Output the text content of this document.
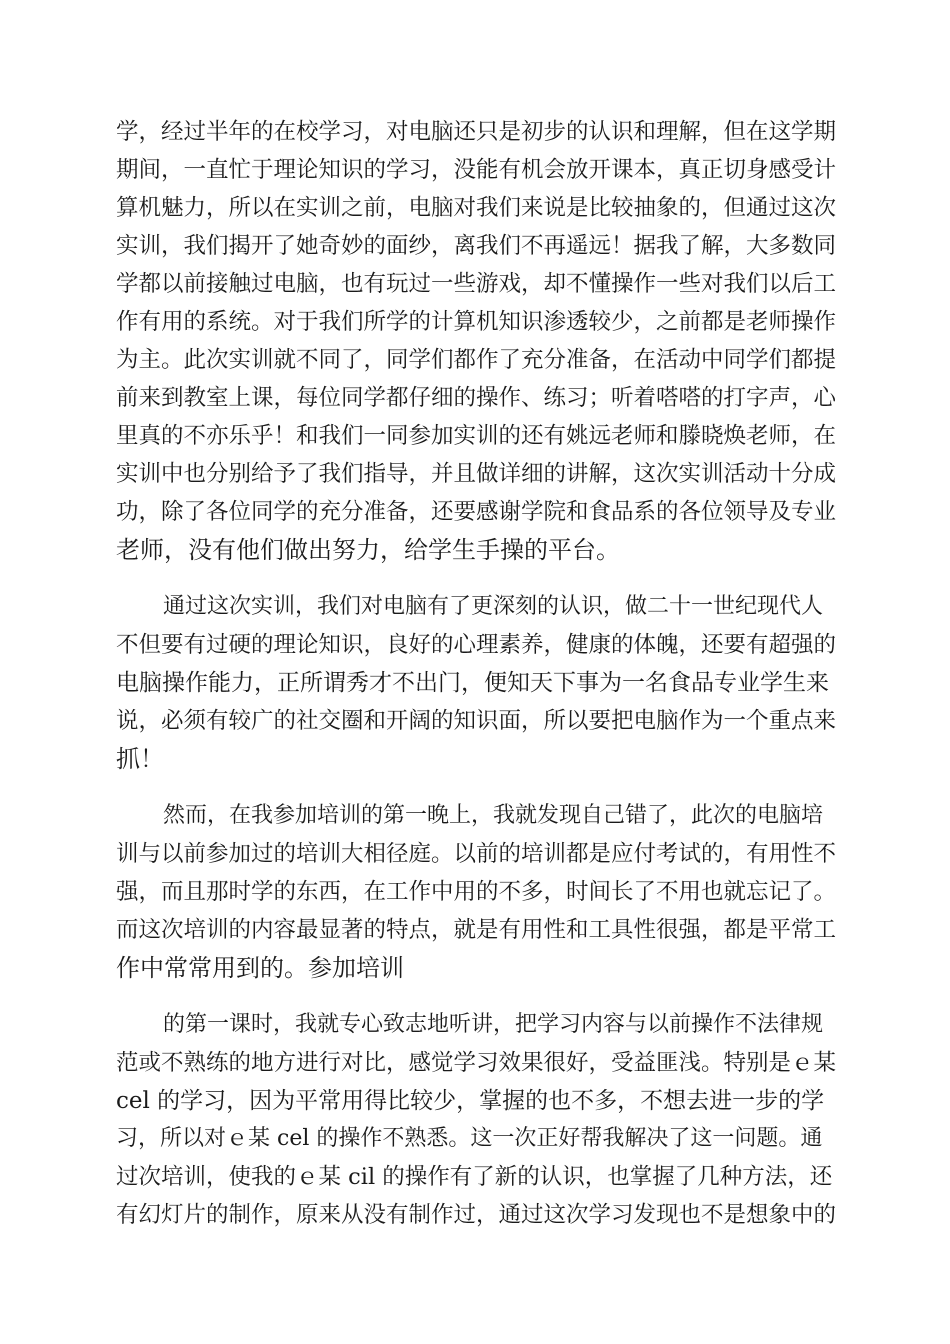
学，经过半年的在校学习，对电脑还只是初步的认识和理解，但在这学期
期间，一直忙于理论知识的学习，没能有机会放开课本，真正切身感受计
算机魅力，所以在实训之前，电脑对我们来说是比较抽象的，但通过这次
实训，我们揭开了她奇妙的面纱，离我们不再遥远！据我了解，大多数同
学都以前接触过电脑，也有玩过一些游戏，却不懂操作一些对我们以后工
作有用的系统。对于我们所学的计算机知识渗透较少，之前都是老师操作
为主。此次实训就不同了，同学们都作了充分准备，在活动中同学们都提
前来到教室上课，每位同学都仔细的操作、练习；听着嗒嗒的打字声，心
里真的不亦乐乎！和我们一同参加实训的还有姚远老师和滕晓焕老师，在
实训中也分别给予了我们指导，并且做详细的讲解，这次实训活动十分成
功，除了各位同学的充分准备，还要感谢学院和食品系的各位领导及专业
老师，没有他们做出努力，给学生手操的平台。
通过这次实训，我们对电脑有了更深刻的认识，做二十一世纪现代人
不但要有过硬的理论知识，良好的心理素养，健康的体魄，还要有超强的
电脑操作能力，正所谓秀才不出门，便知天下事为一名食品专业学生来
说，必须有较广的社交圈和开阔的知识面，所以要把电脑作为一个重点来
抓！
然而，在我参加培训的第一晚上，我就发现自己错了，此次的电脑培
训与以前参加过的培训大相径庭。以前的培训都是应付考试的，有用性不
强，而且那时学的东西，在工作中用的不多，时间长了不用也就忘记了。
而这次培训的内容最显著的特点，就是有用性和工具性很强，都是平常工
作中常常用到的。参加培训
的第一课时，我就专心致志地听讲，把学习内容与以前操作不法律规
范或不熟练的地方进行对比，感觉学习效果很好，受益匪浅。特别是ｅ某
cel 的学习，因为平常用得比较少，掌握的也不多，不想去进一步的学
习，所以对ｅ某 cel 的操作不熟悉。这一次正好帮我解决了这一问题。通
过次培训，使我的ｅ某 cil 的操作有了新的认识，也掌握了几种方法，还
有幻灯片的制作，原来从没有制作过，通过这次学习发现也不是想象中的
